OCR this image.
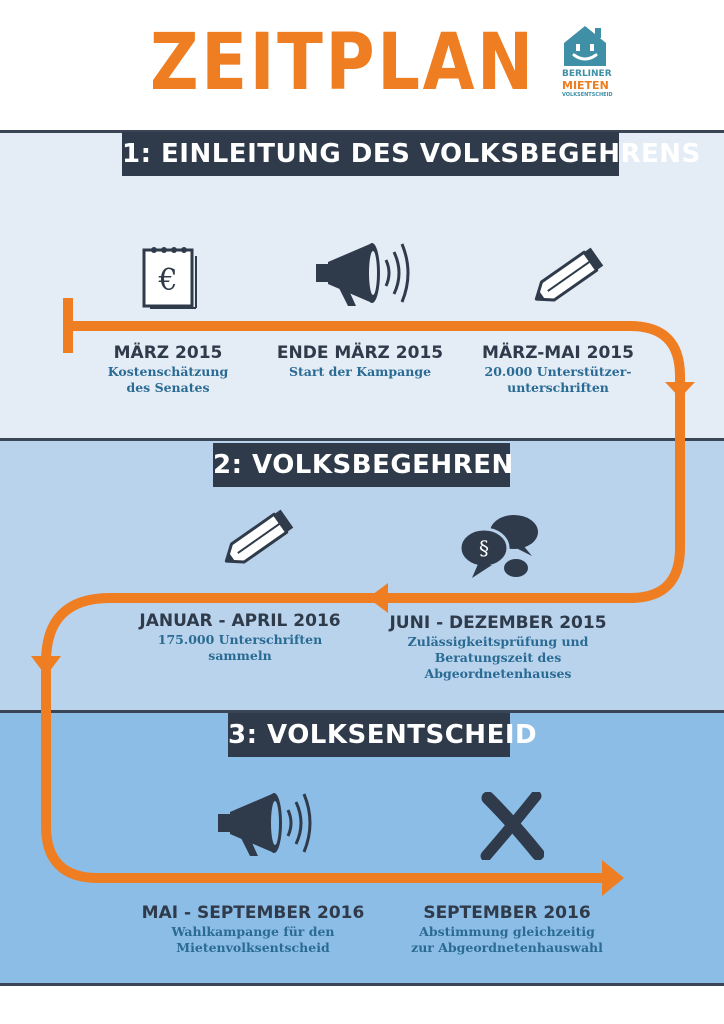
ZEITPLAN	BERLINER
MIETEN
VOLKSENTSCHEID
1: EINLEITUNG DES VOLKSBEGEHRENS
2: VOLKSBEGEHREN
3: VOLKSENTSCHEID
€
MÄRZ 2015
Kostenschätzung
des Senates
ENDE MÄRZ 2015
Start der Kampange
MÄRZ-MAI 2015
20.000 Unterstützer-
unterschriften
§
JANUAR - APRIL 2016
175.000 Unterschriften
sammeln
JUNI - DEZEMBER 2015
Zulässigkeitsprüfung und
Beratungszeit des
Abgeordnetenhauses
MAI - SEPTEMBER 2016
Wahlkampange für den
Mietenvolksentscheid
SEPTEMBER 2016
Abstimmung gleichzeitig
zur Abgeordnetenhauswahl
